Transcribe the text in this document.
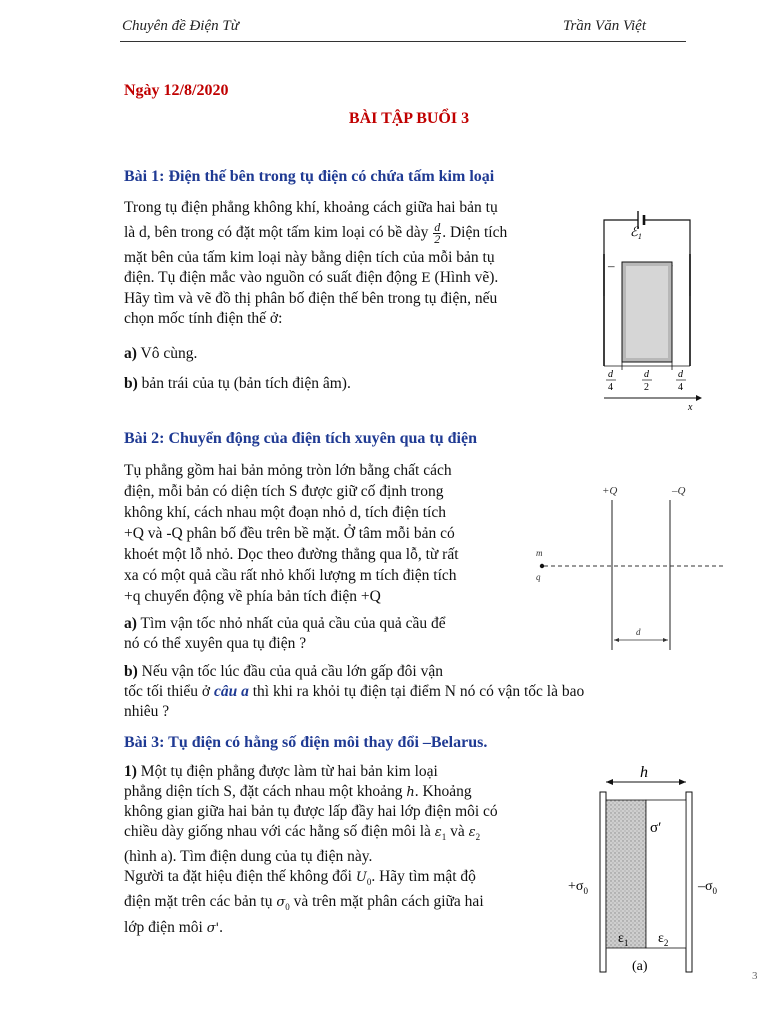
Chuyên đề Điện Từ	Trần Văn Việt
Ngày 12/8/2020
BÀI TẬP BUỔI 3
Bài 1: Điện thế bên trong tụ điện có chứa tấm kim loại

Trong tụ điện phẳng không khí, khoảng cách giữa hai bản tụ

là d, bên trong có đặt một tấm kim loại có bề dày $\frac{d}{2}$ . Diện tích

mặt bên của tấm kim loại này bằng diện tích của mỗi bản tụ

điện. Tụ điện mắc vào nguồn có suất điện động E (Hình vẽ).

Hãy tìm và vẽ đồ thị phân bố điện thế bên trong tụ điện, nếu

chọn mốc tính điện thế ở:

a) Vô cùng.
b) bản trái của tụ (bản tích điện âm).
ℰ$_1$
–
d
4
d
2
d
4
x
Bài 2: Chuyển động của điện tích xuyên qua tụ điện

Tụ phẳng gồm hai bản mỏng tròn lớn bằng chất cách

điện, mỗi bản có diện tích S được giữ cố định trong

không khí, cách nhau một đoạn nhỏ d, tích điện tích

+Q và -Q phân bố đều trên bề mặt. Ở tâm mỗi bản có

khoét một lỗ nhỏ. Dọc theo đường thẳng qua lỗ, từ rất

xa có một quả cầu rất nhỏ khối lượng m tích điện tích

+q chuyển động về phía bản tích điện +Q

a) Tìm vận tốc nhỏ nhất của quả cầu của quả cầu để

nó có thể xuyên qua tụ điện ?

b) Nếu vận tốc lúc đầu của quả cầu lớn gấp đôi vận

tốc tối thiểu ở câu a thì khi ra khỏi tụ điện tại điểm N nó có vận tốc là bao

nhiêu ?

+Q	–Q
m
q
d
Bài 3: Tụ điện có hằng số điện môi thay đổi –Belarus.

1) Một tụ điện phẳng được làm từ hai bản kim loại

phẳng diện tích S, đặt cách nhau một khoảng h. Khoảng

không gian giữa hai bản tụ được lấp đầy hai lớp điện môi có

chiều dày giống nhau với các hằng số điện môi là $\varepsilon_1$ và $\varepsilon_2$

(hình a). Tìm điện dung của tụ điện này.

Người ta đặt hiệu điện thế không đổi $U_0$. Hãy tìm mật độ

điện mặt trên các bản tụ $\sigma_0$ và trên mặt phân cách giữa hai

lớp điện môi σ'.

h
σ′
$+\sigma_0$	$-\sigma_0$
$\varepsilon_1$ $\varepsilon_2$
(a)
3
